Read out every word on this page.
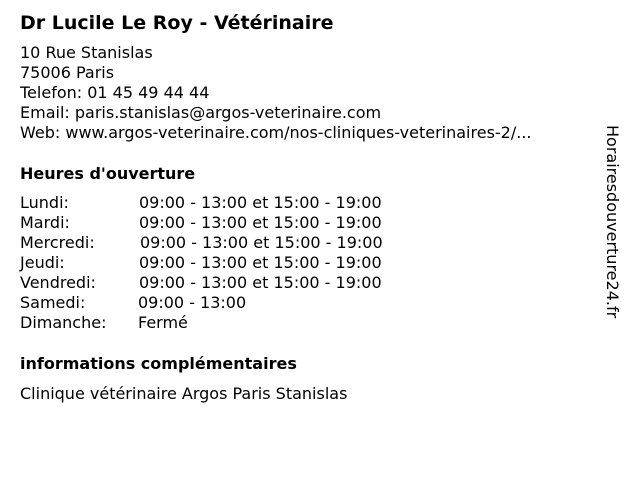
Dr Lucile Le Roy - Vétérinaire
10 Rue Stanislas
75006 Paris
Telefon: 01 45 49 44 44
Email: paris.stanislas@argos-veterinaire.com
Web: www.argos-veterinaire.com/nos-cliniques-veterinaires-2/...
Heures d'ouverture
Lundi:	09:00 - 13:00 et 15:00 - 19:00
Mardi:	09:00 - 13:00 et 15:00 - 19:00
Mercredi:	09:00 - 13:00 et 15:00 - 19:00
Jeudi:	09:00 - 13:00 et 15:00 - 19:00
Vendredi:	09:00 - 13:00 et 15:00 - 19:00
Samedi:	09:00 - 13:00
Dimanche: Fermé
informations complémentaires
Clinique vétérinaire Argos Paris Stanislas
Horairesdouverture24.fr
